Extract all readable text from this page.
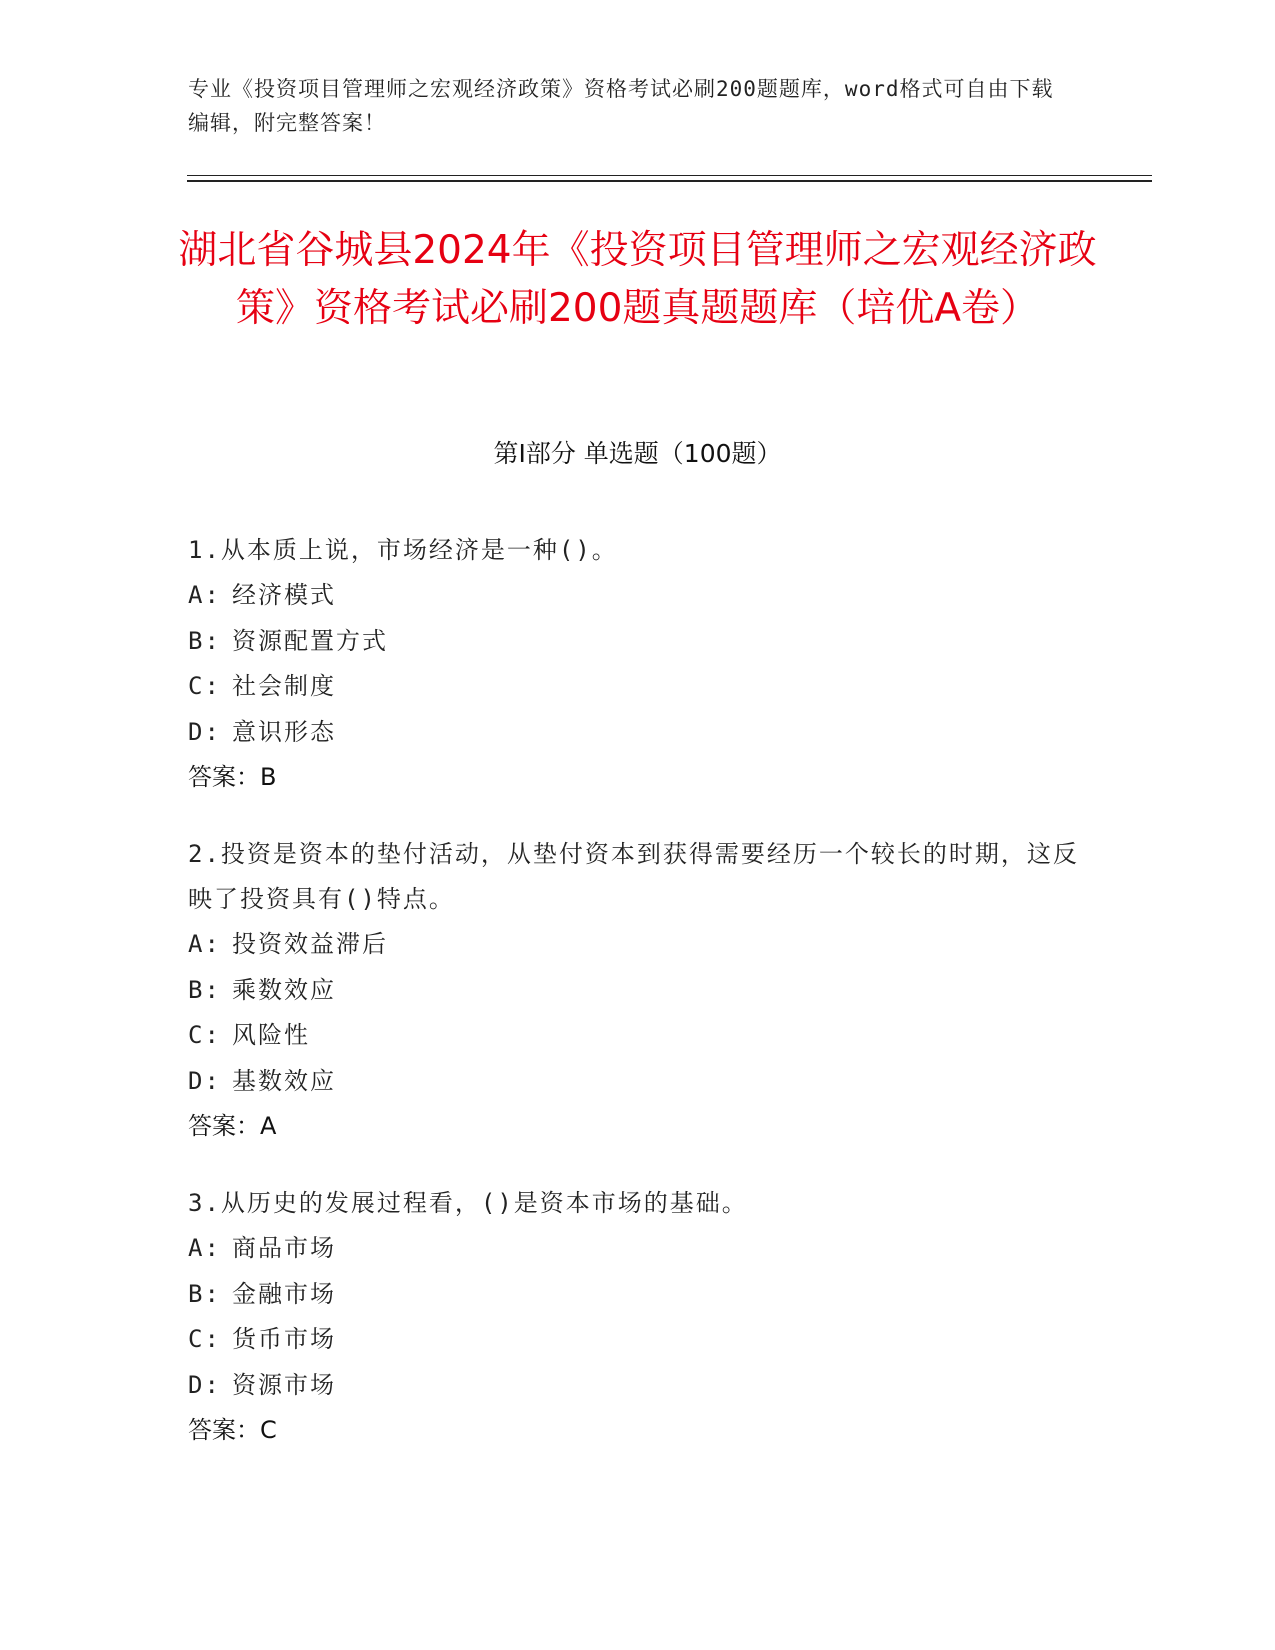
专业《投资项目管理师之宏观经济政策》资格考试必刷200题题库，word格式可自由下载编辑，附完整答案！
湖北省谷城县2024年《投资项目管理师之宏观经济政策》资格考试必刷200题真题题库（培优A卷）
第I部分 单选题（100题）
1.从本质上说，市场经济是一种()。
A: 经济模式
B: 资源配置方式
C: 社会制度
D: 意识形态
答案：B
2.投资是资本的垫付活动，从垫付资本到获得需要经历一个较长的时期，这反映了投资具有()特点。
A: 投资效益滞后
B: 乘数效应
C: 风险性
D: 基数效应
答案：A
3.从历史的发展过程看，()是资本市场的基础。
A: 商品市场
B: 金融市场
C: 货币市场
D: 资源市场
答案：C
